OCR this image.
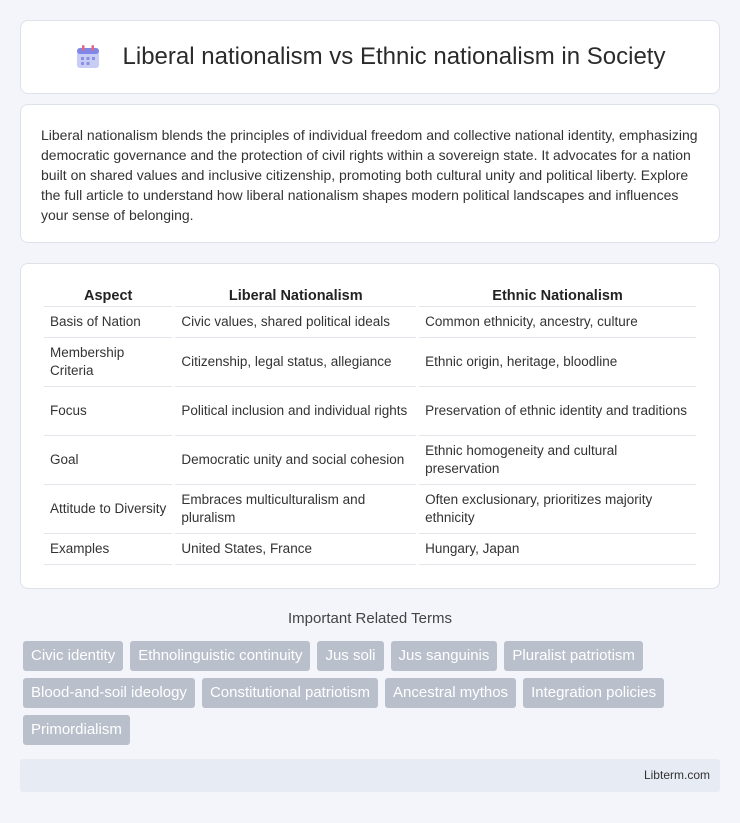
Liberal nationalism vs Ethnic nationalism in Society

Liberal nationalism blends the principles of individual freedom and collective national identity, emphasizing democratic governance and the protection of civil rights within a sovereign state. It advocates for a nation built on shared values and inclusive citizenship, promoting both cultural unity and political liberty. Explore the full article to understand how liberal nationalism shapes modern political landscapes and influences your sense of belonging.

Aspect	Liberal Nationalism	Ethnic Nationalism
Basis of Nation	Civic values, shared political ideals	Common ethnicity, ancestry, culture
Membership Criteria	Citizenship, legal status, allegiance	Ethnic origin, heritage, bloodline
Focus	Political inclusion and individual rights	Preservation of ethnic identity and traditions
Goal	Democratic unity and social cohesion	Ethnic homogeneity and cultural preservation
Attitude to Diversity	Embraces multiculturalism and pluralism	Often exclusionary, prioritizes majority ethnicity
Examples	United States, France	Hungary, Japan
Important Related Terms
Civic identity	Ethnolinguistic continuity	Jus soli	Jus sanguinis	Pluralist patriotism
Blood-and-soil ideology	Constitutional patriotism	Ancestral mythos	Integration policies
Primordialism
Libterm.com
